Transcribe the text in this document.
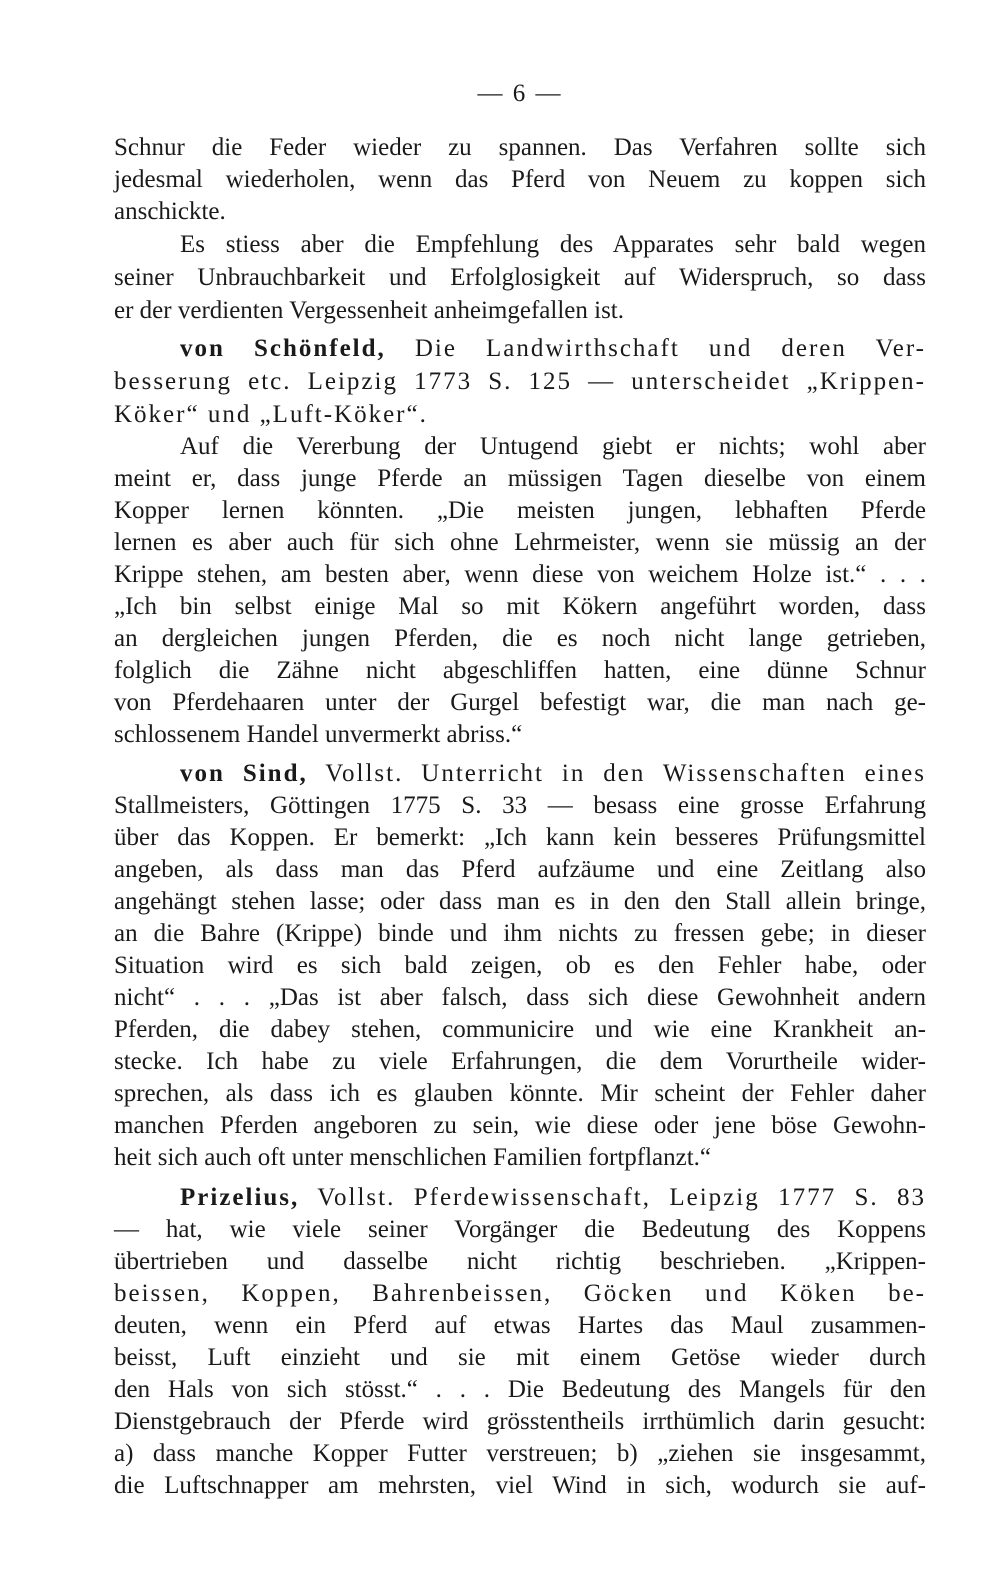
— 6 —
Schnur die Feder wieder zu spannen. Das Verfahren sollte sich
jedesmal wiederholen, wenn das Pferd von Neuem zu koppen sich
anschickte.
Es stiess aber die Empfehlung des Apparates sehr bald wegen
seiner Unbrauchbarkeit und Erfolglosigkeit auf Widerspruch, so dass
er der verdienten Vergessenheit anheimgefallen ist.
von Schönfeld, Die Landwirthschaft und deren Ver-
besserung etc. Leipzig 1773 S. 125 — unterscheidet „Krippen-
Köker“ und „Luft-Köker“.
Auf die Vererbung der Untugend giebt er nichts; wohl aber
meint er, dass junge Pferde an müssigen Tagen dieselbe von einem
Kopper lernen könnten. „Die meisten jungen, lebhaften Pferde
lernen es aber auch für sich ohne Lehrmeister, wenn sie müssig an der
Krippe stehen, am besten aber, wenn diese von weichem Holze ist.“ . . .
„Ich bin selbst einige Mal so mit Kökern angeführt worden, dass
an dergleichen jungen Pferden, die es noch nicht lange getrieben,
folglich die Zähne nicht abgeschliffen hatten, eine dünne Schnur
von Pferdehaaren unter der Gurgel befestigt war, die man nach ge-
schlossenem Handel unvermerkt abriss.“
von Sind, Vollst. Unterricht in den Wissenschaften eines
Stallmeisters, Göttingen 1775 S. 33 — besass eine grosse Erfahrung
über das Koppen. Er bemerkt: „Ich kann kein besseres Prüfungsmittel
angeben, als dass man das Pferd aufzäume und eine Zeitlang also
angehängt stehen lasse; oder dass man es in den den Stall allein bringe,
an die Bahre (Krippe) binde und ihm nichts zu fressen gebe; in dieser
Situation wird es sich bald zeigen, ob es den Fehler habe, oder
nicht“ . . . „Das ist aber falsch, dass sich diese Gewohnheit andern
Pferden, die dabey stehen, communicire und wie eine Krankheit an-
stecke. Ich habe zu viele Erfahrungen, die dem Vorurtheile wider-
sprechen, als dass ich es glauben könnte. Mir scheint der Fehler daher
manchen Pferden angeboren zu sein, wie diese oder jene böse Gewohn-
heit sich auch oft unter menschlichen Familien fortpflanzt.“
Prizelius, Vollst. Pferdewissenschaft, Leipzig 1777 S. 83
— hat, wie viele seiner Vorgänger die Bedeutung des Koppens
übertrieben und dasselbe nicht richtig beschrieben. „Krippen-
beissen, Koppen, Bahrenbeissen, Göcken und Köken be-
deuten, wenn ein Pferd auf etwas Hartes das Maul zusammen-
beisst, Luft einzieht und sie mit einem Getöse wieder durch
den Hals von sich stösst.“ . . . Die Bedeutung des Mangels für den
Dienstgebrauch der Pferde wird grösstentheils irrthümlich darin gesucht:
a) dass manche Kopper Futter verstreuen; b) „ziehen sie insgesammt,
die Luftschnapper am mehrsten, viel Wind in sich, wodurch sie auf-
